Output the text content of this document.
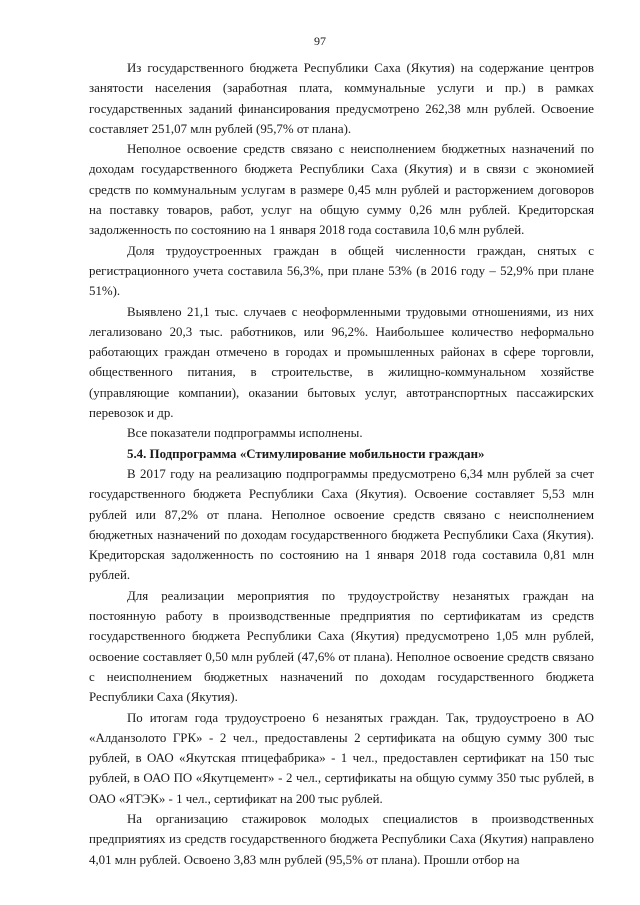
97

Из государственного бюджета Республики Саха (Якутия) на содержание центров занятости населения (заработная плата, коммунальные услуги и пр.) в рамках государственных заданий финансирования предусмотрено 262,38 млн рублей. Освоение составляет 251,07 млн рублей (95,7% от плана).

Неполное освоение средств связано с неисполнением бюджетных назначений по доходам государственного бюджета Республики Саха (Якутия) и в связи с экономией средств по коммунальным услугам в размере 0,45 млн рублей и расторжением договоров на поставку товаров, работ, услуг на общую сумму 0,26 млн рублей. Кредиторская задолженность по состоянию на 1 января 2018 года составила 10,6 млн рублей.

Доля трудоустроенных граждан в общей численности граждан, снятых с регистрационного учета составила 56,3%, при плане 53% (в 2016 году – 52,9% при плане 51%).

Выявлено 21,1 тыс. случаев с неоформленными трудовыми отношениями, из них легализовано 20,3 тыс. работников, или 96,2%. Наибольшее количество неформально работающих граждан отмечено в городах и промышленных районах в сфере торговли, общественного питания, в строительстве, в жилищно-коммунальном хозяйстве (управляющие компании), оказании бытовых услуг, автотранспортных пассажирских перевозок и др.

Все показатели подпрограммы исполнены.

5.4. Подпрограмма «Стимулирование мобильности граждан»

В 2017 году на реализацию подпрограммы предусмотрено 6,34 млн рублей за счет государственного бюджета Республики Саха (Якутия). Освоение составляет 5,53 млн рублей или 87,2% от плана. Неполное освоение средств связано с неисполнением бюджетных назначений по доходам государственного бюджета Республики Саха (Якутия). Кредиторская задолженность по состоянию на 1 января 2018 года составила 0,81 млн рублей.

Для реализации мероприятия по трудоустройству незанятых граждан на постоянную работу в производственные предприятия по сертификатам из средств государственного бюджета Республики Саха (Якутия) предусмотрено 1,05 млн рублей, освоение составляет 0,50 млн рублей (47,6% от плана). Неполное освоение средств связано с неисполнением бюджетных назначений по доходам государственного бюджета Республики Саха (Якутия).

По итогам года трудоустроено 6 незанятых граждан. Так, трудоустроено в АО «Алданзолото ГРК» - 2 чел., предоставлены 2 сертификата на общую сумму 300 тыс рублей, в ОАО «Якутская птицефабрика» - 1 чел., предоставлен сертификат на 150 тыс рублей, в ОАО ПО «Якутцемент» - 2 чел., сертификаты на общую сумму 350 тыс рублей, в ОАО «ЯТЭК» - 1 чел., сертификат на 200 тыс рублей.

На организацию стажировок молодых специалистов в производственных предприятиях из средств государственного бюджета Республики Саха (Якутия) направлено 4,01 млн рублей. Освоено 3,83 млн рублей (95,5% от плана). Прошли отбор на
